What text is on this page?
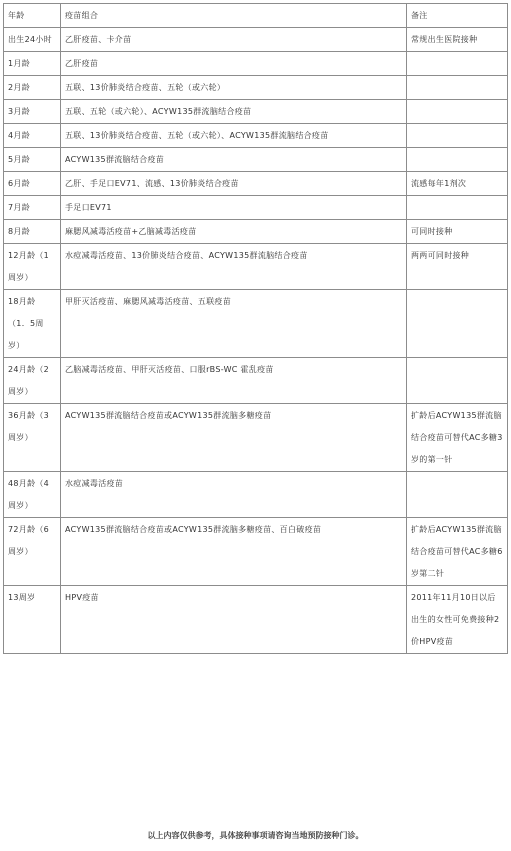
年龄	疫苗组合	备注
出生24小时	乙肝疫苗、卡介苗	常规出生医院接种
1月龄	乙肝疫苗	
2月龄	五联、13价肺炎结合疫苗、五轮（或六轮）	
3月龄	五联、五轮（或六轮）、ACYW135群流脑结合疫苗	
4月龄	五联、13价肺炎结合疫苗、五轮（或六轮）、ACYW135群流脑结合疫苗	
5月龄	ACYW135群流脑结合疫苗	
6月龄	乙肝、手足口EV71、流感、13价肺炎结合疫苗	流感每年1剂次
7月龄	手足口EV71	
8月龄	麻腮风减毒活疫苗+乙脑减毒活疫苗	可同时接种
12月龄（1周岁）	水痘减毒活疫苗、13价肺炎结合疫苗、ACYW135群流脑结合疫苗	两两可同时接种
18月龄（1．5周岁）	甲肝灭活疫苗、麻腮风减毒活疫苗、五联疫苗	
24月龄（2周岁）	乙脑减毒活疫苗、甲肝灭活疫苗、口服rBS-WC 霍乱疫苗	
36月龄（3周岁）	ACYW135群流脑结合疫苗或ACYW135群流脑多糖疫苗	扩龄后ACYW135群流脑结合疫苗可替代AC多糖3岁的第一针
48月龄（4周岁）	水痘减毒活疫苗	
72月龄（6周岁）	ACYW135群流脑结合疫苗或ACYW135群流脑多糖疫苗、百白破疫苗	扩龄后ACYW135群流脑结合疫苗可替代AC多糖6岁第二针
13周岁	HPV疫苗	2011年11月10日以后出生的女性可免费接种2价HPV疫苗
以上内容仅供参考，具体接种事项请咨询当地预防接种门诊。
